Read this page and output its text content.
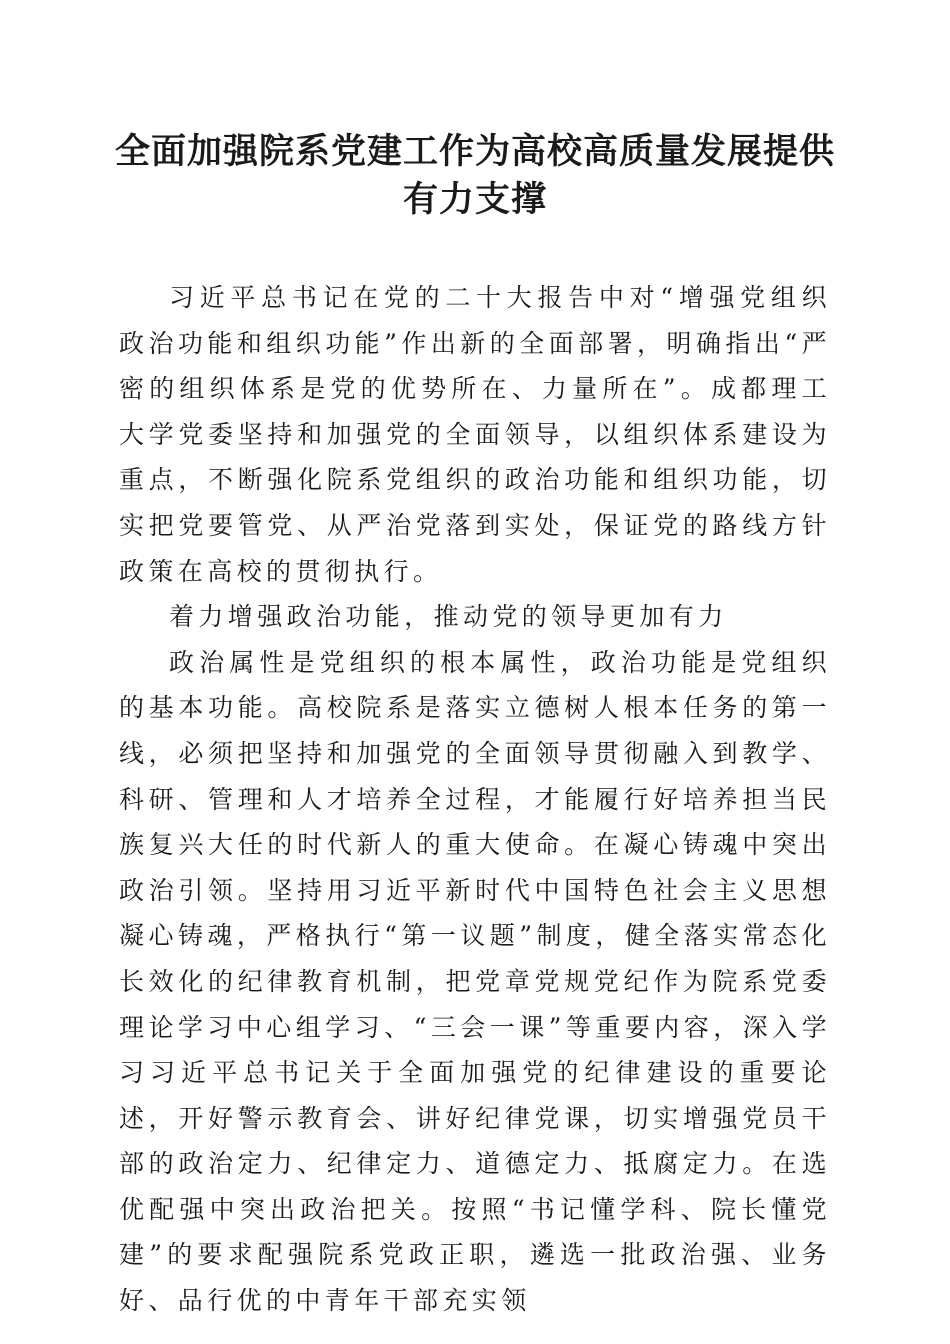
全面加强院系党建工作为高校高质量发展提供
有力支撑

习近平总书记在党的二十大报告中对“增强党组织政治功能和组织功能”作出新的全面部署，明确指出“严密的组织体系是党的优势所在、力量所在”。成都理工大学党委坚持和加强党的全面领导，以组织体系建设为重点，不断强化院系党组织的政治功能和组织功能，切实把党要管党、从严治党落到实处，保证党的路线方针政策在高校的贯彻执行。

着力增强政治功能，推动党的领导更加有力

政治属性是党组织的根本属性，政治功能是党组织的基本功能。高校院系是落实立德树人根本任务的第一线，必须把坚持和加强党的全面领导贯彻融入到教学、科研、管理和人才培养全过程，才能履行好培养担当民族复兴大任的时代新人的重大使命。在凝心铸魂中突出政治引领。坚持用习近平新时代中国特色社会主义思想凝心铸魂，严格执行“第一议题”制度，健全落实常态化长效化的纪律教育机制，把党章党规党纪作为院系党委理论学习中心组学习、“三会一课”等重要内容，深入学习习近平总书记关于全面加强党的纪律建设的重要论述，开好警示教育会、讲好纪律党课，切实增强党员干部的政治定力、纪律定力、道德定力、抵腐定力。在选优配强中突出政治把关。按照“书记懂学科、院长懂党建”的要求配强院系党政正职，遴选一批政治强、业务好、品行优的中青年干部充实领
